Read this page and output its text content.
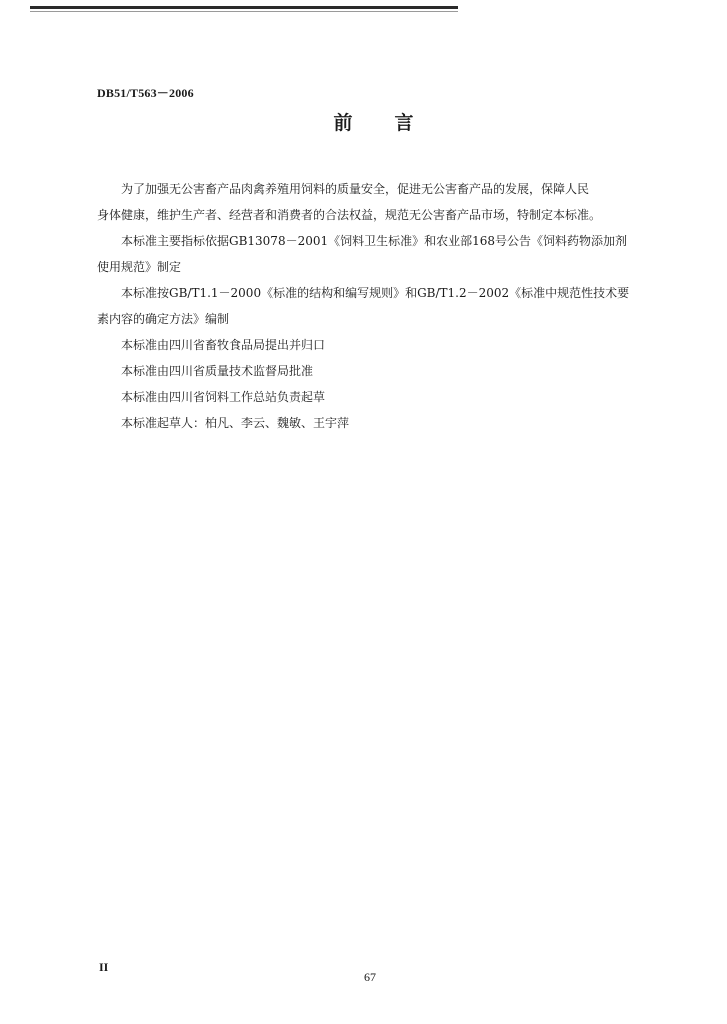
DB51/T563－2006
前 言

为了加强无公害畜产品肉禽养殖用饲料的质量安全，促进无公害畜产品的发展，保障人民
身体健康，维护生产者、经营者和消费者的合法权益，规范无公害畜产品市场，特制定本标准。

本标准主要指标依据GB13078－2001《饲料卫生标准》和农业部168号公告《饲料药物添加剂
使用规范》制定

本标准按GB/T1.1－2000《标准的结构和编写规则》和GB/T1.2－2002《标准中规范性技术要
素内容的确定方法》编制

本标准由四川省畜牧食品局提出并归口

本标准由四川省质量技术监督局批准

本标准由四川省饲料工作总站负责起草

本标准起草人：柏凡、李云、魏敏、王宇萍

II
67
